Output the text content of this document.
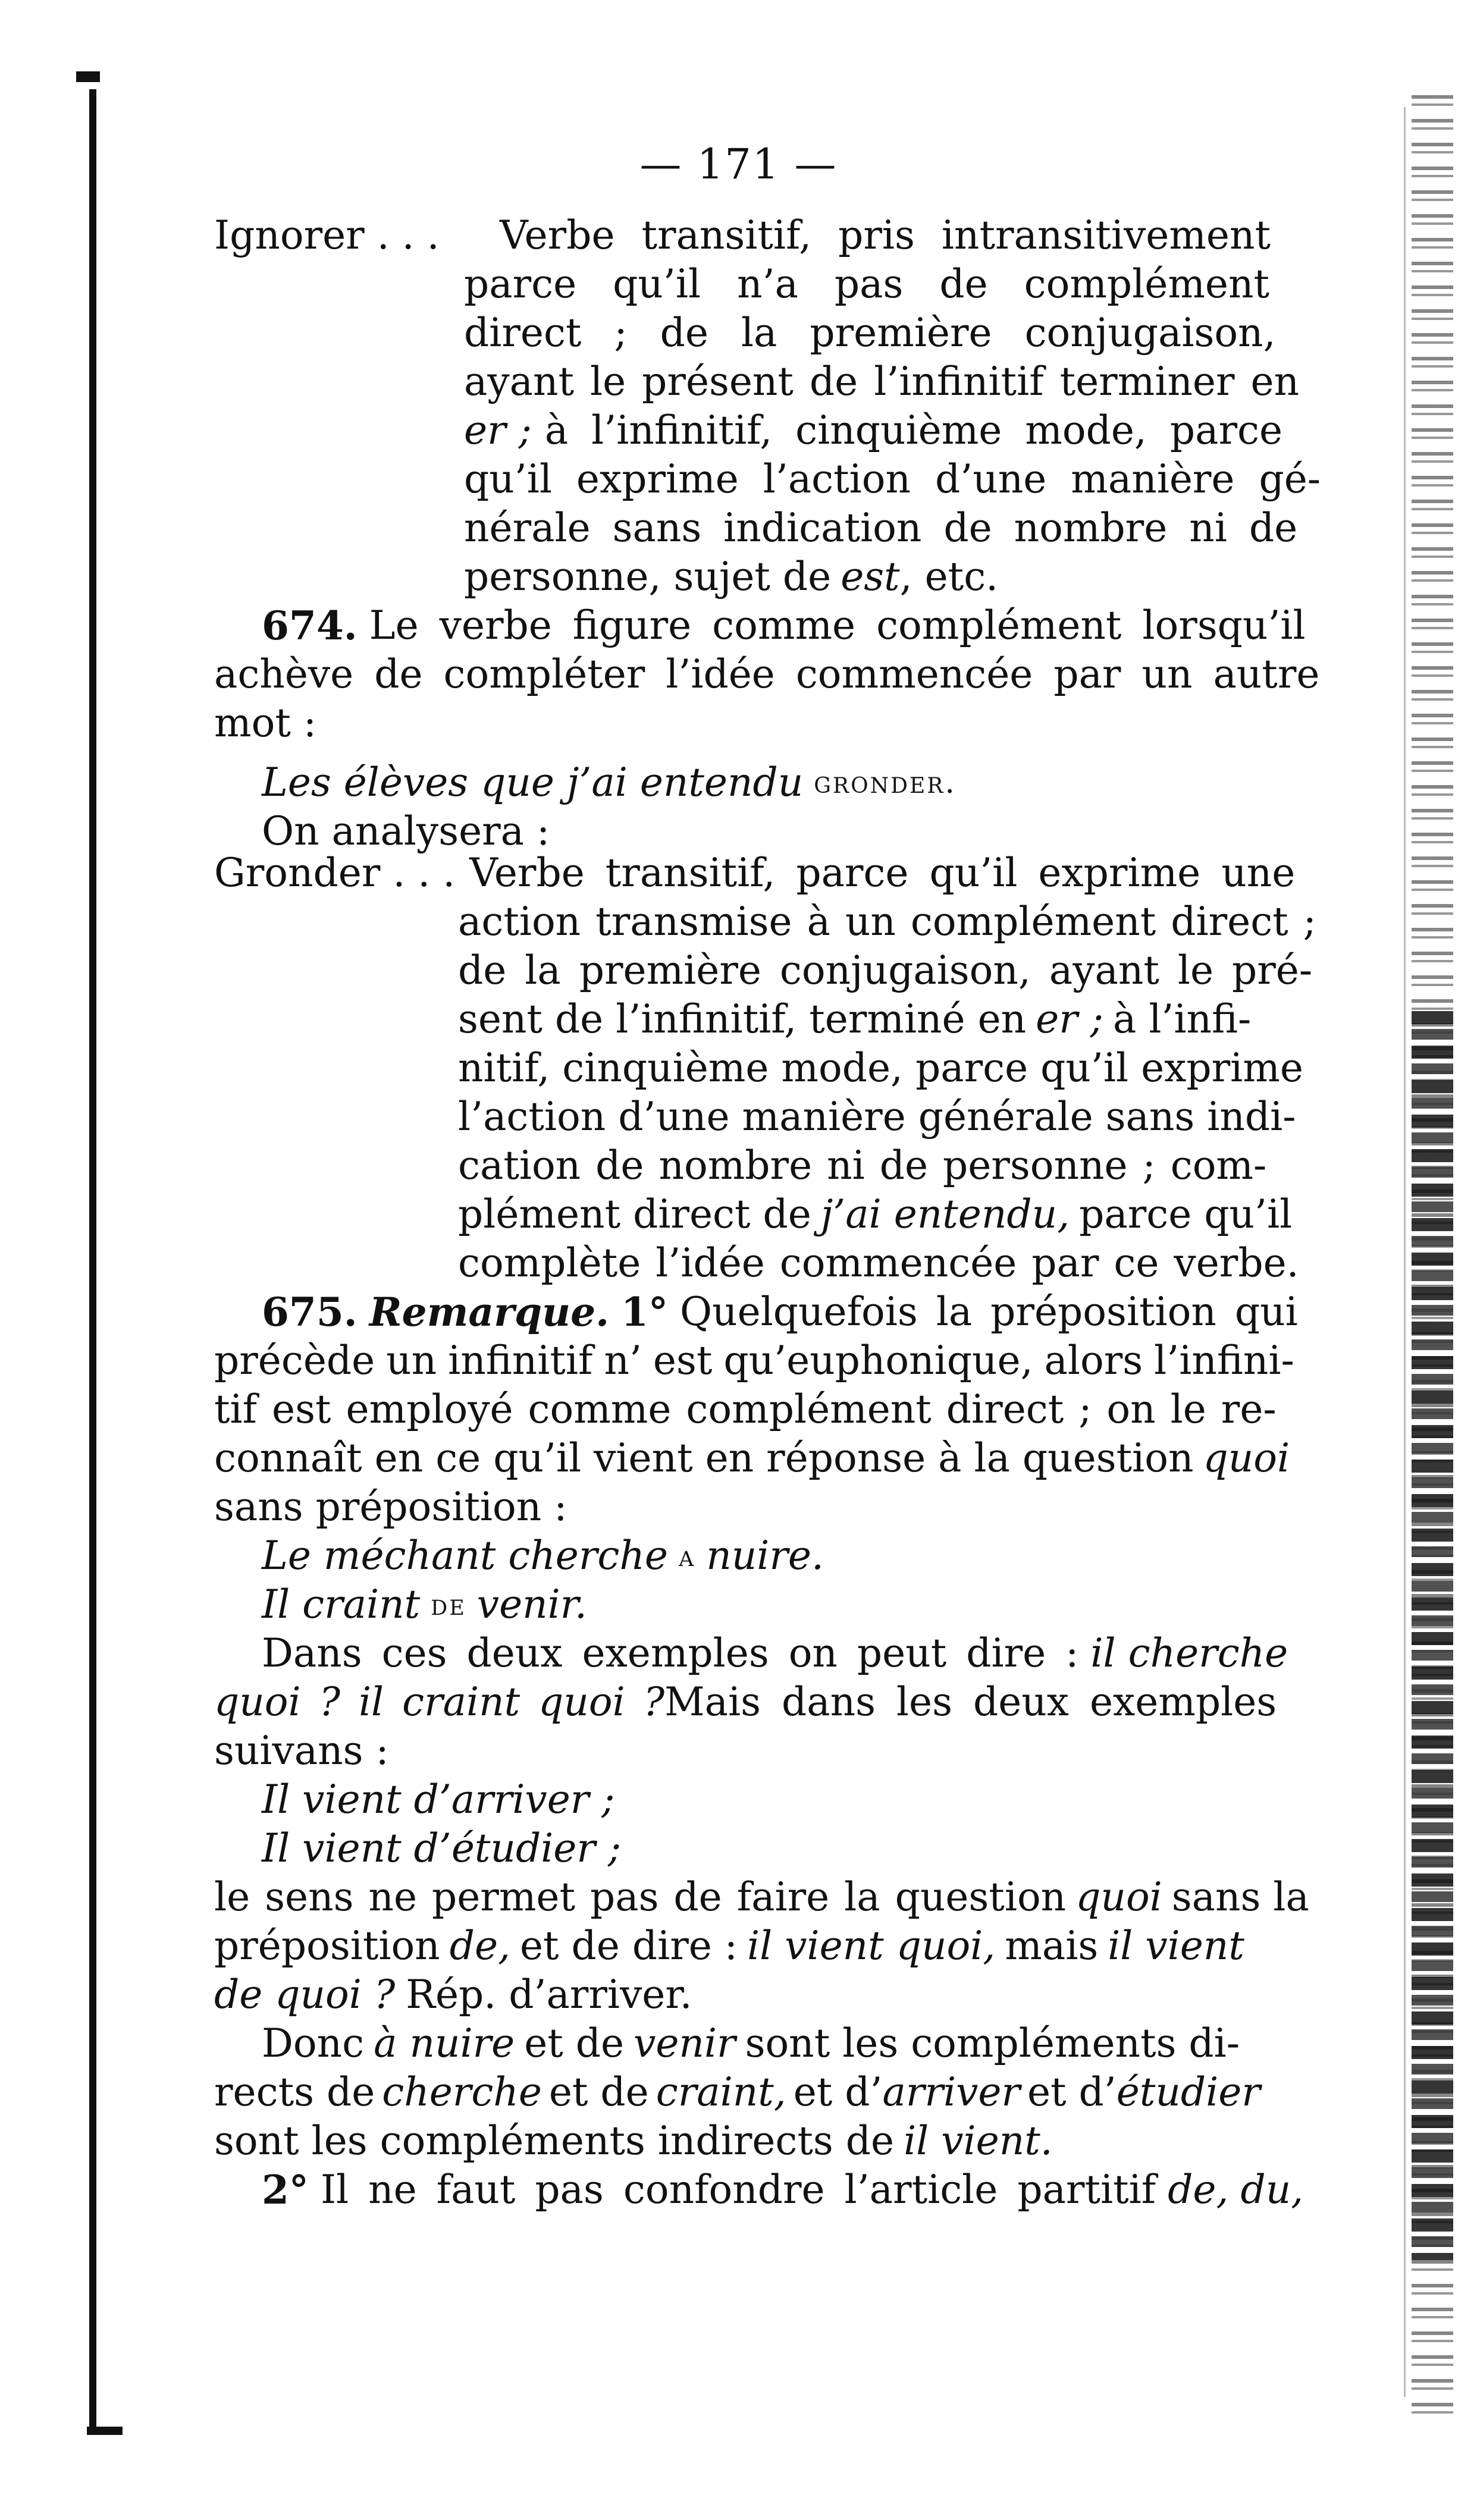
— 171 —
Ignorer . . . Verbe transitif, pris intransitivement
parce qu’il n’a pas de complément
direct ; de la première conjugaison,
ayant le présent de l’infinitif terminer en
er ; à l’infinitif, cinquième mode, parce
qu’il exprime l’action d’une manière gé-
nérale sans indication de nombre ni de
personne, sujet de est , etc.
674. Le verbe figure comme complément lorsqu’il
achève de compléter l’idée commencée par un autre
mot :
Les élèves que j’ai entendu gronder.
On analysera :
Gronder . . . Verbe transitif, parce qu’il exprime une
action transmise à un complément direct ;
de la première conjugaison, ayant le pré-
sent de l’infinitif, terminé en er ; à l’infi-
nitif, cinquième mode, parce qu’il exprime
l’action d’une manière générale sans indi-
cation de nombre ni de personne ; com-
plément direct de j’ai entendu, parce qu’il
complète l’idée commencée par ce verbe.
675. Remarque. 1° Quelquefois la préposition qui
précède un infinitif n’ est qu’euphonique, alors l’infini-
tif est employé comme complément direct ; on le re-
connaît en ce qu’il vient en réponse à la question quoi
sans préposition :
Le méchant cherche a nuire.
Il craint de venir.
Dans ces deux exemples on peut dire : il cherche
quoi ? il craint quoi ? Mais dans les deux exemples
suivans :
Il vient d’arriver ;
Il vient d’étudier ;
le sens ne permet pas de faire la question quoi sans la
préposition de, et de dire : il vient quoi, mais il vient
de quoi ? Rép. d’arriver.
Donc à nuire et de venir sont les compléments di-
rects de cherche et de craint, et d’ arriver et d’ étudier
sont les compléments indirects de il vient.
2° Il ne faut pas confondre l’article partitif de, du,
